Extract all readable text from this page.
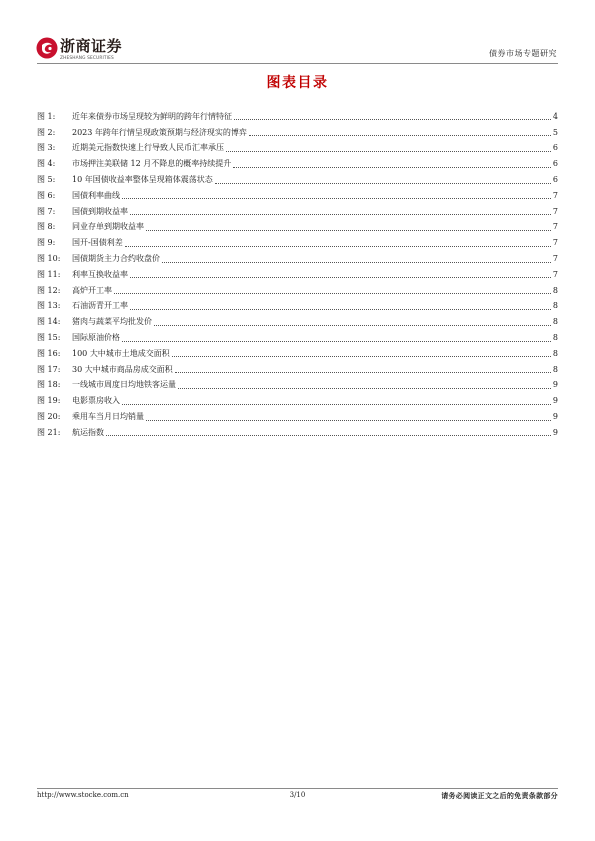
浙商证券
ZHESHANG SECURITIES	债券市场专题研究
图表目录
图 1:	近年来债券市场呈现较为鲜明的跨年行情特征	4
图 2:	2023 年跨年行情呈现政策预期与经济现实的博弈	5
图 3:	近期美元指数快速上行导致人民币汇率承压	6
图 4:	市场押注美联储 12 月不降息的概率持续提升	6
图 5:	10 年国债收益率整体呈现箱体震荡状态	6
图 6:	国债利率曲线	7
图 7:	国债到期收益率	7
图 8:	同业存单到期收益率	7
图 9:	国开-国债利差	7
图 10:	国债期货主力合约收盘价	7
图 11:	利率互换收益率	7
图 12:	高炉开工率	8
图 13:	石油沥青开工率	8
图 14:	猪肉与蔬菜平均批发价	8
图 15:	国际原油价格	8
图 16:	100 大中城市土地成交面积	8
图 17:	30 大中城市商品房成交面积	8
图 18:	一线城市周度日均地铁客运量	9
图 19:	电影票房收入	9
图 20:	乘用车当月日均销量	9
图 21:	航运指数	9
http://www.stocke.com.cn	3/10	请务必阅读正文之后的免责条款部分
